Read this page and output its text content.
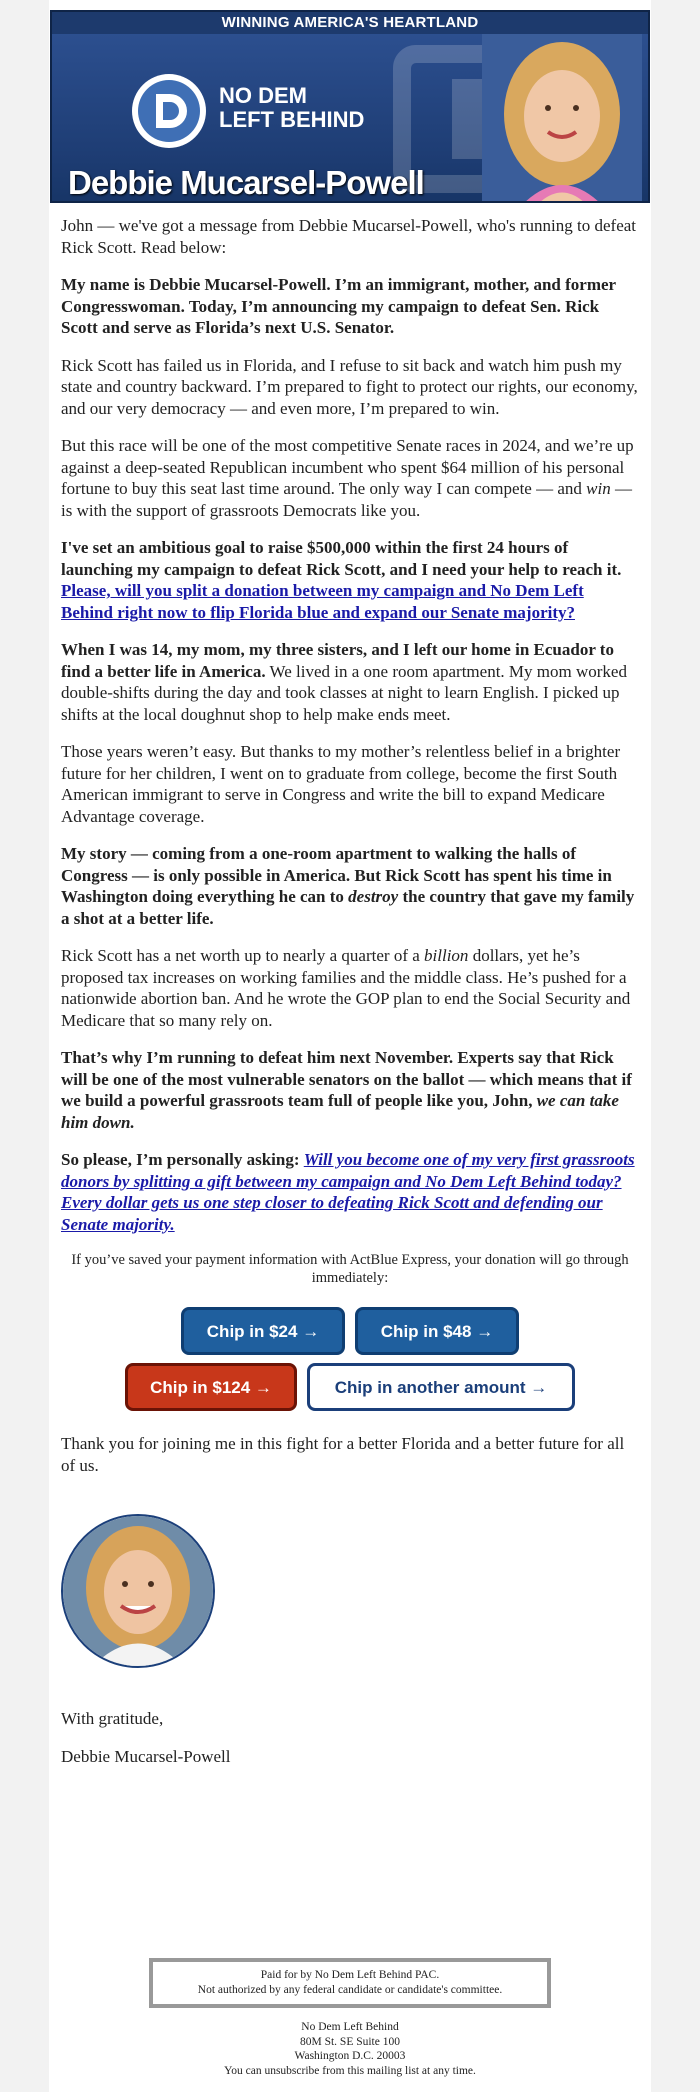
WINNING AMERICA'S HEARTLAND
NO DEM
LEFT BEHIND
Debbie Mucarsel-Powell

John — we've got a message from Debbie Mucarsel-Powell, who's running to defeat Rick Scott. Read below:

My name is Debbie Mucarsel-Powell. I’m an immigrant, mother, and former Congresswoman. Today, I’m announcing my campaign to defeat Sen. Rick Scott and serve as Florida’s next U.S. Senator.

Rick Scott has failed us in Florida, and I refuse to sit back and watch him push my state and country backward. I’m prepared to fight to protect our rights, our economy, and our very democracy — and even more, I’m prepared to win.

But this race will be one of the most competitive Senate races in 2024, and we’re up against a deep-seated Republican incumbent who spent $64 million of his personal fortune to buy this seat last time around. The only way I can compete — and win — is with the support of grassroots Democrats like you.

I've set an ambitious goal to raise $500,000 within the first 24 hours of launching my campaign to defeat Rick Scott, and I need your help to reach it. Please, will you split a donation between my campaign and No Dem Left Behind right now to flip Florida blue and expand our Senate majority?

When I was 14, my mom, my three sisters, and I left our home in Ecuador to find a better life in America. We lived in a one room apartment. My mom worked double-shifts during the day and took classes at night to learn English. I picked up shifts at the local doughnut shop to help make ends meet.

Those years weren’t easy. But thanks to my mother’s relentless belief in a brighter future for her children, I went on to graduate from college, become the first South American immigrant to serve in Congress and write the bill to expand Medicare Advantage coverage.

My story — coming from a one-room apartment to walking the halls of Congress — is only possible in America. But Rick Scott has spent his time in Washington doing everything he can to destroy the country that gave my family a shot at a better life.

Rick Scott has a net worth up to nearly a quarter of a billion dollars, yet he’s proposed tax increases on working families and the middle class. He’s pushed for a nationwide abortion ban. And he wrote the GOP plan to end the Social Security and Medicare that so many rely on.

That’s why I’m running to defeat him next November. Experts say that Rick will be one of the most vulnerable senators on the ballot — which means that if we build a powerful grassroots team full of people like you, John, we can take him down.

So please, I’m personally asking: Will you become one of my very first grassroots donors by splitting a gift between my campaign and No Dem Left Behind today? Every dollar gets us one step closer to defeating Rick Scott and defending our Senate majority.

If you’ve saved your payment information with ActBlue Express, your donation will go through immediately:
Chip in $24 →	Chip in $48 →
Chip in $124 →	Chip in another amount →

Thank you for joining me in this fight for a better Florida and a better future for all of us.

With gratitude,

Debbie Mucarsel-Powell

Paid for by No Dem Left Behind PAC.
Not authorized by any federal candidate or candidate's committee.
No Dem Left Behind
80M St. SE Suite 100
Washington D.C. 20003
You can unsubscribe from this mailing list at any time.
